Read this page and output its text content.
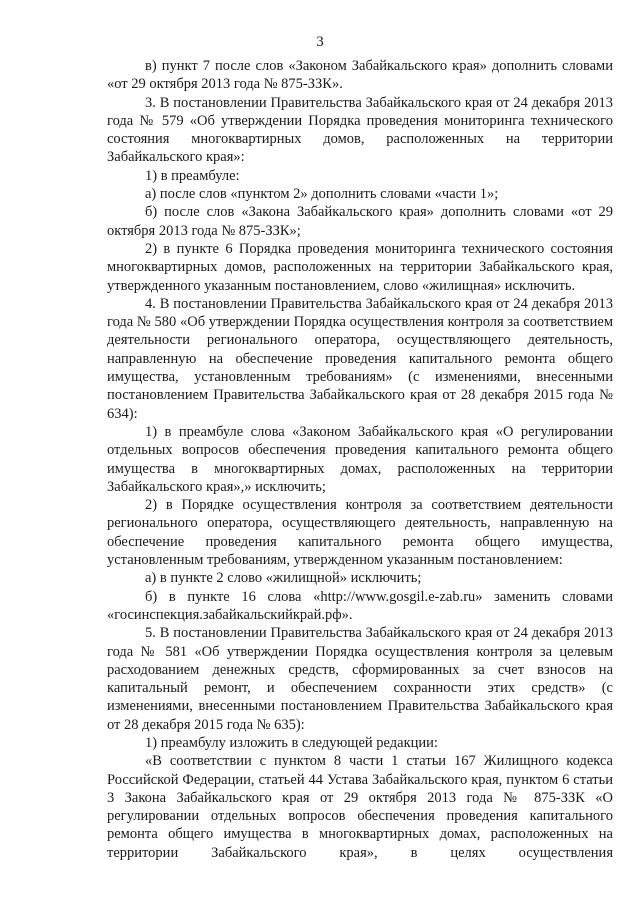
3

в) пункт 7 после слов «Законом Забайкальского края» дополнить словами «от 29 октября 2013 года № 875-ЗЗК».

3. В постановлении Правительства Забайкальского края от 24 декабря 2013 года № 579 «Об утверждении Порядка проведения мониторинга технического состояния многоквартирных домов, расположенных на территории Забайкальского края»:

1) в преамбуле:

а) после слов «пунктом 2» дополнить словами «части 1»;

б) после слов «Закона Забайкальского края» дополнить словами «от 29 октября 2013 года № 875-ЗЗК»;

2) в пункте 6 Порядка проведения мониторинга технического состояния многоквартирных домов, расположенных на территории Забайкальского края, утвержденного указанным постановлением, слово «жилищная» исключить.

4. В постановлении Правительства Забайкальского края от 24 декабря 2013 года № 580 «Об утверждении Порядка осуществления контроля за соответствием деятельности регионального оператора, осуществляющего деятельность, направленную на обеспечение проведения капитального ремонта общего имущества, установленным требованиям» (с изменениями, внесенными постановлением Правительства Забайкальского края от 28 декабря 2015 года № 634):

1) в преамбуле слова «Законом Забайкальского края «О регулировании отдельных вопросов обеспечения проведения капитального ремонта общего имущества в многоквартирных домах, расположенных на территории Забайкальского края»,» исключить;

2) в Порядке осуществления контроля за соответствием деятельности регионального оператора, осуществляющего деятельность, направленную на обеспечение проведения капитального ремонта общего имущества, установленным требованиям, утвержденном указанным постановлением:

а) в пункте 2 слово «жилищной» исключить;

б) в пункте 16 слова «http://www.gosgil.e-zab.ru» заменить словами «госинспекция.забайкальскийкрай.рф».

5. В постановлении Правительства Забайкальского края от 24 декабря 2013 года № 581 «Об утверждении Порядка осуществления контроля за целевым расходованием денежных средств, сформированных за счет взносов на капитальный ремонт, и обеспечением сохранности этих средств» (с изменениями, внесенными постановлением Правительства Забайкальского края от 28 декабря 2015 года № 635):

1) преамбулу изложить в следующей редакции:

«В соответствии с пунктом 8 части 1 статьи 167 Жилищного кодекса Российской Федерации, статьей 44 Устава Забайкальского края, пунктом 6 статьи 3 Закона Забайкальского края от 29 октября 2013 года № 875-ЗЗК «О регулировании отдельных вопросов обеспечения проведения капитального ремонта общего имущества в многоквартирных домах, расположенных на территории Забайкальского края», в целях осуществления
